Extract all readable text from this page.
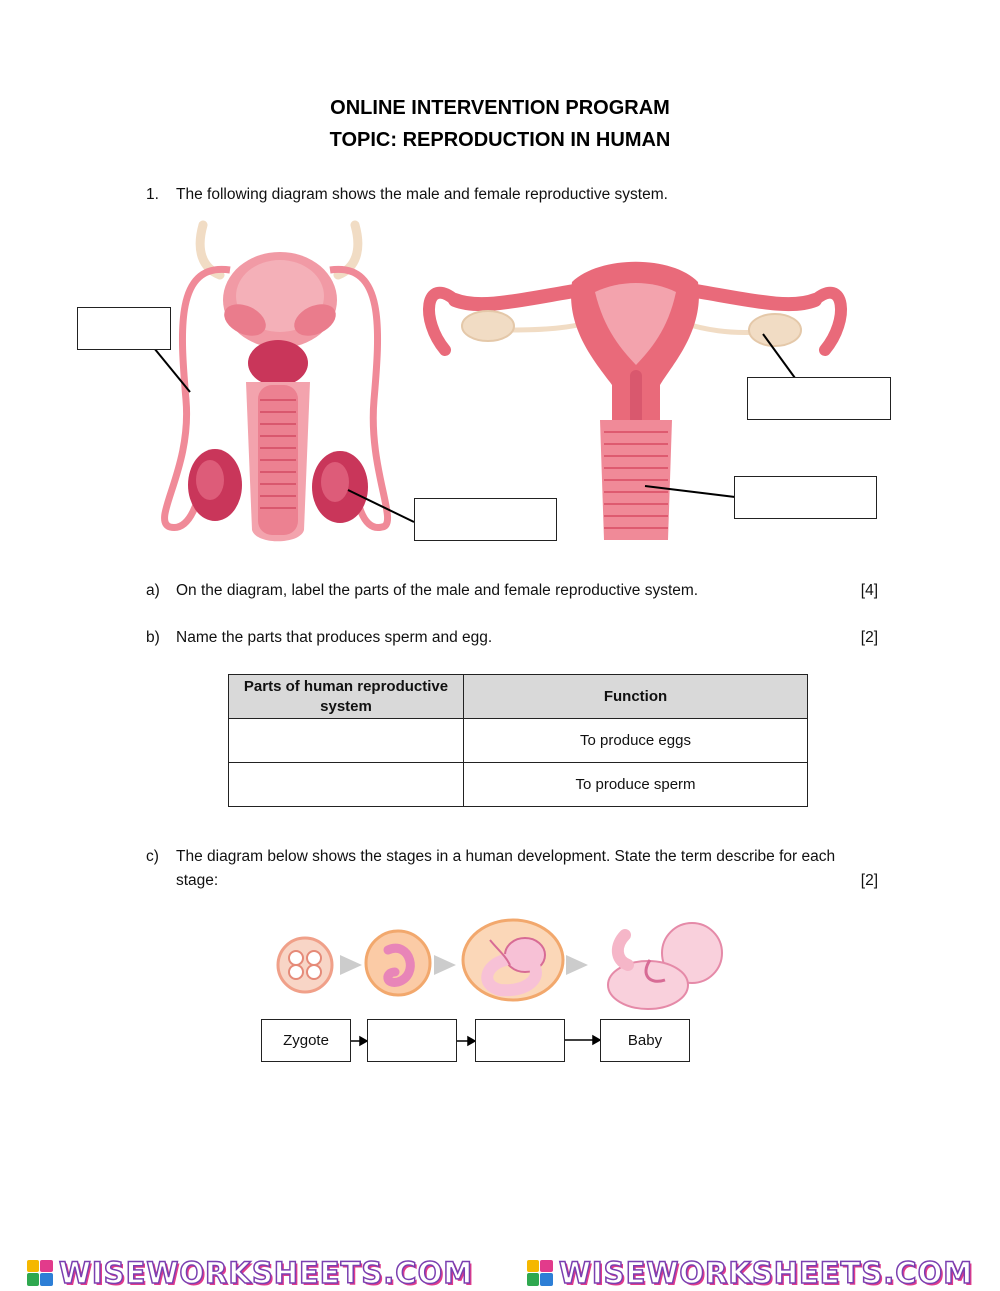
ONLINE INTERVENTION PROGRAM
TOPIC: REPRODUCTION IN HUMAN
1. The following diagram shows the male and female reproductive system.
a) On the diagram, label the parts of the male and female reproductive system.	[4]
b) Name the parts that produces sperm and egg.	[2]
Parts of human reproductive system	Function
	To produce eggs
	To produce sperm
c) The diagram below shows the stages in a human development. State the term describe for each
stage:	[2]
Zygote	Baby
WISEWORKSHEETS.COM	WISEWORKSHEETS.COM
